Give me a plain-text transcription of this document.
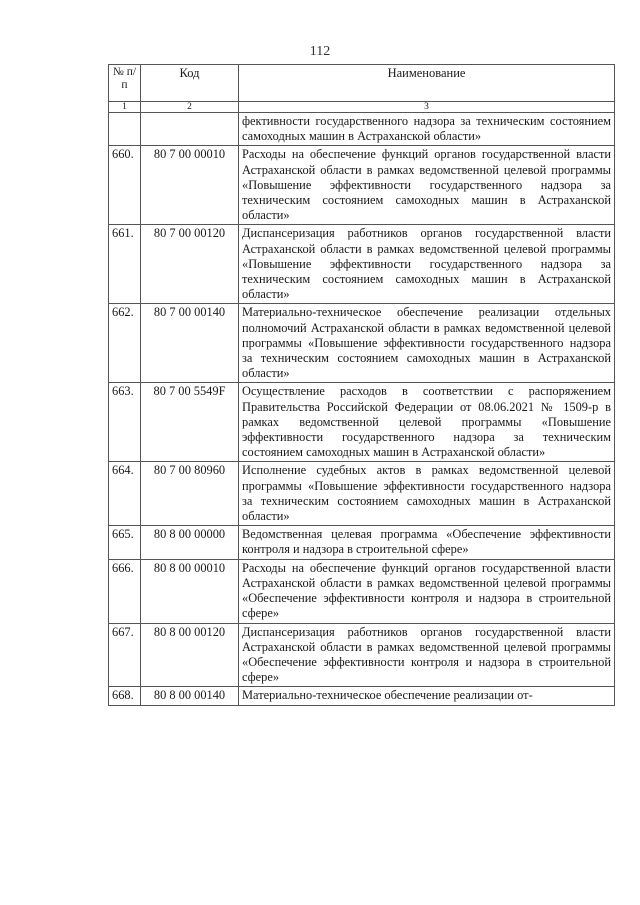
112
№ п/п	Код	Наименование
1	2	3
		фективности государственного надзора за техническим состоянием самоходных машин в Астраханской области»
660.	80 7 00 00010	Расходы на обеспечение функций органов государственной власти Астраханской области в рамках ведомственной целевой программы «Повышение эффективности государственного надзора за техническим состоянием самоходных машин в Астраханской области»
661.	80 7 00 00120	Диспансеризация работников органов государственной власти Астраханской области в рамках ведомственной целевой программы «Повышение эффективности государственного надзора за техническим состоянием самоходных машин в Астраханской области»
662.	80 7 00 00140	Материально-техническое обеспечение реализации отдельных полномочий Астраханской области в рамках ведомственной целевой программы «Повышение эффективности государственного надзора за техническим состоянием самоходных машин в Астраханской области»
663.	80 7 00 5549F	Осуществление расходов в соответствии с распоряжением Правительства Российской Федерации от 08.06.2021 № 1509-р в рамках ведомственной целевой программы «Повышение эффективности государственного надзора за техническим состоянием самоходных машин в Астраханской области»
664.	80 7 00 80960	Исполнение судебных актов в рамках ведомственной целевой программы «Повышение эффективности государственного надзора за техническим состоянием самоходных машин в Астраханской области»
665.	80 8 00 00000	Ведомственная целевая программа «Обеспечение эффективности контроля и надзора в строительной сфере»
666.	80 8 00 00010	Расходы на обеспечение функций органов государственной власти Астраханской области в рамках ведомственной целевой программы «Обеспечение эффективности контроля и надзора в строительной сфере»
667.	80 8 00 00120	Диспансеризация работников органов государственной власти Астраханской области в рамках ведомственной целевой программы «Обеспечение эффективности контроля и надзора в строительной сфере»
668.	80 8 00 00140	Материально-техническое обеспечение реализации от-
